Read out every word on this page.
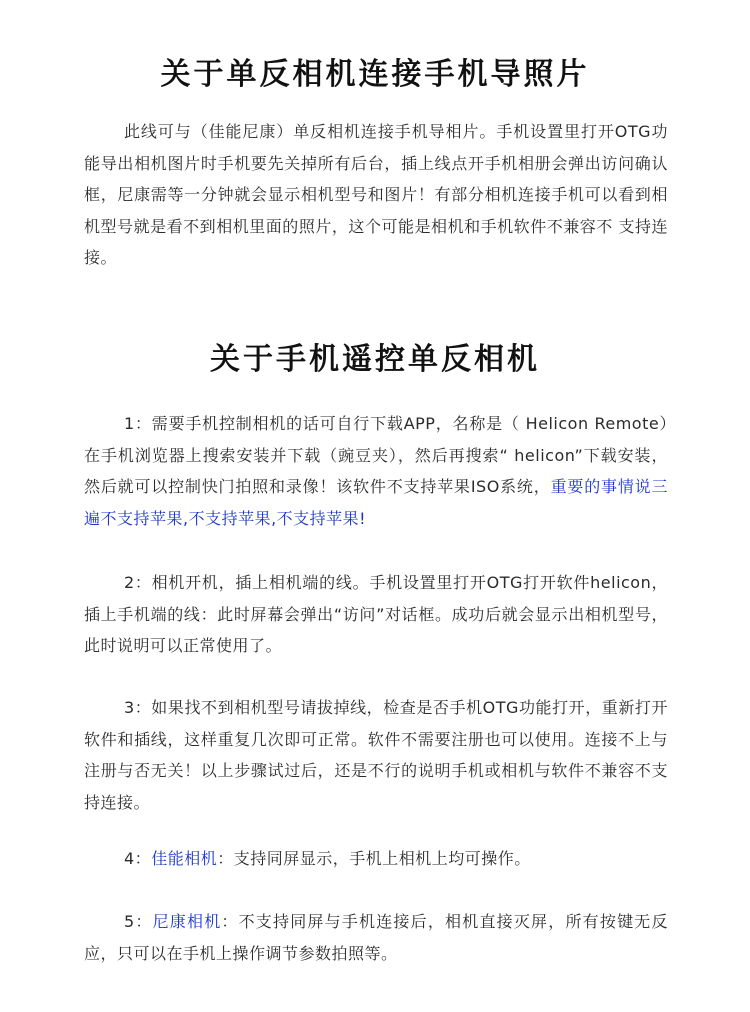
关于单反相机连接手机导照片

此线可与（佳能尼康）单反相机连接手机导相片。手机设置里打开OTG功能导出相机图片时手机要先关掉所有后台，插上线点开手机相册会弹出访问确认框，尼康需等一分钟就会显示相机型号和图片！有部分相机连接手机可以看到相机型号就是看不到相机里面的照片，这个可能是相机和手机软件不兼容不 支持连接。

关于手机遥控单反相机

1：需要手机控制相机的话可自行下载APP，名称是（ Helicon Remote）在手机浏览器上搜索安装并下载（豌豆夹），然后再搜索“ helicon”下载安装，然后就可以控制快门拍照和录像！该软件不支持苹果ISO系统，重要的事情说三遍不支持苹果,不支持苹果,不支持苹果!

2：相机开机，插上相机端的线。手机设置里打开OTG打开软件helicon，插上手机端的线：此时屏幕会弹出“访问”对话框。成功后就会显示出相机型号，此时说明可以正常使用了。

3：如果找不到相机型号请拔掉线，检查是否手机OTG功能打开，重新打开软件和插线，这样重复几次即可正常。软件不需要注册也可以使用。连接不上与注册与否无关！以上步骤试过后，还是不行的说明手机或相机与软件不兼容不支持连接。

4：佳能相机：支持同屏显示，手机上相机上均可操作。

5：尼康相机：不支持同屏与手机连接后，相机直接灭屏，所有按键无反应，只可以在手机上操作调节参数拍照等。
